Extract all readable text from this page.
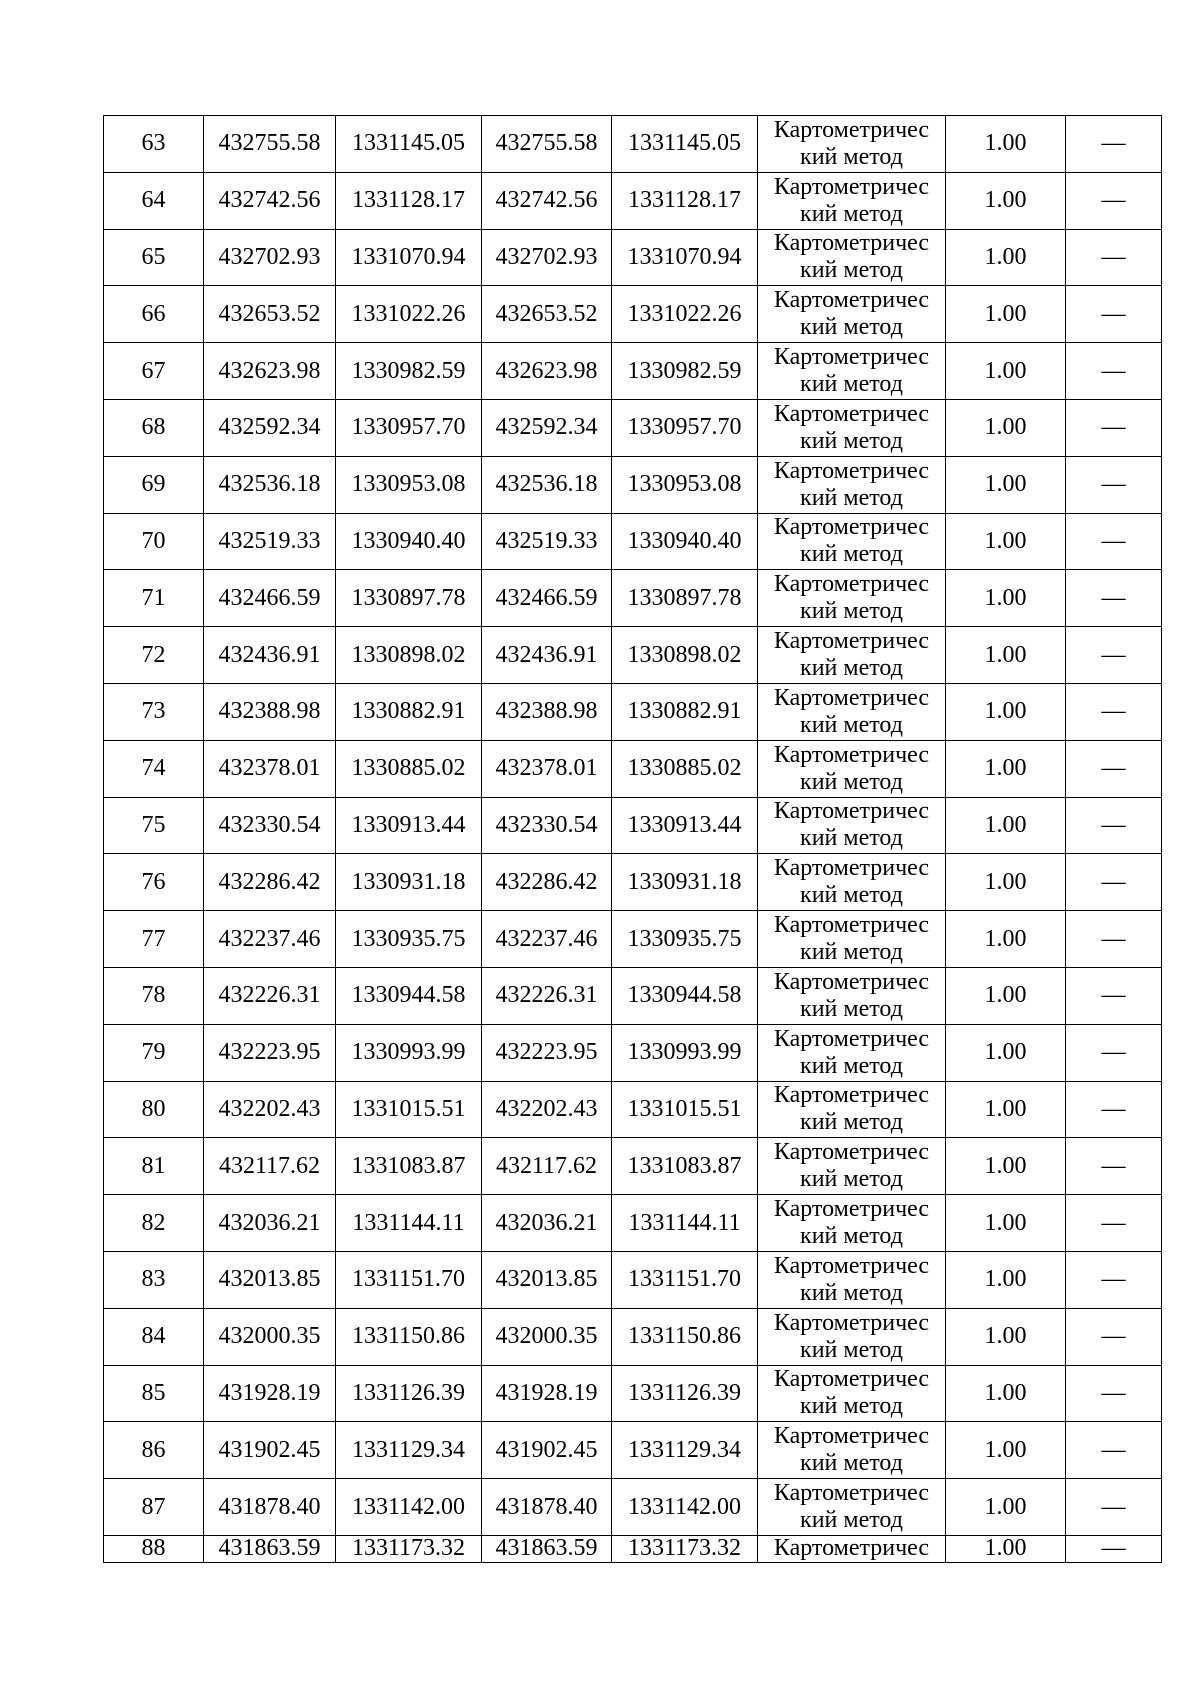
63	432755.58	1331145.05	432755.58	1331145.05	Картометричес
кий метод	1.00	—
64	432742.56	1331128.17	432742.56	1331128.17	Картометричес
кий метод	1.00	—
65	432702.93	1331070.94	432702.93	1331070.94	Картометричес
кий метод	1.00	—
66	432653.52	1331022.26	432653.52	1331022.26	Картометричес
кий метод	1.00	—
67	432623.98	1330982.59	432623.98	1330982.59	Картометричес
кий метод	1.00	—
68	432592.34	1330957.70	432592.34	1330957.70	Картометричес
кий метод	1.00	—
69	432536.18	1330953.08	432536.18	1330953.08	Картометричес
кий метод	1.00	—
70	432519.33	1330940.40	432519.33	1330940.40	Картометричес
кий метод	1.00	—
71	432466.59	1330897.78	432466.59	1330897.78	Картометричес
кий метод	1.00	—
72	432436.91	1330898.02	432436.91	1330898.02	Картометричес
кий метод	1.00	—
73	432388.98	1330882.91	432388.98	1330882.91	Картометричес
кий метод	1.00	—
74	432378.01	1330885.02	432378.01	1330885.02	Картометричес
кий метод	1.00	—
75	432330.54	1330913.44	432330.54	1330913.44	Картометричес
кий метод	1.00	—
76	432286.42	1330931.18	432286.42	1330931.18	Картометричес
кий метод	1.00	—
77	432237.46	1330935.75	432237.46	1330935.75	Картометричес
кий метод	1.00	—
78	432226.31	1330944.58	432226.31	1330944.58	Картометричес
кий метод	1.00	—
79	432223.95	1330993.99	432223.95	1330993.99	Картометричес
кий метод	1.00	—
80	432202.43	1331015.51	432202.43	1331015.51	Картометричес
кий метод	1.00	—
81	432117.62	1331083.87	432117.62	1331083.87	Картометричес
кий метод	1.00	—
82	432036.21	1331144.11	432036.21	1331144.11	Картометричес
кий метод	1.00	—
83	432013.85	1331151.70	432013.85	1331151.70	Картометричес
кий метод	1.00	—
84	432000.35	1331150.86	432000.35	1331150.86	Картометричес
кий метод	1.00	—
85	431928.19	1331126.39	431928.19	1331126.39	Картометричес
кий метод	1.00	—
86	431902.45	1331129.34	431902.45	1331129.34	Картометричес
кий метод	1.00	—
87	431878.40	1331142.00	431878.40	1331142.00	Картометричес
кий метод	1.00	—
88	431863.59	1331173.32	431863.59	1331173.32	Картометричес	1.00	—
